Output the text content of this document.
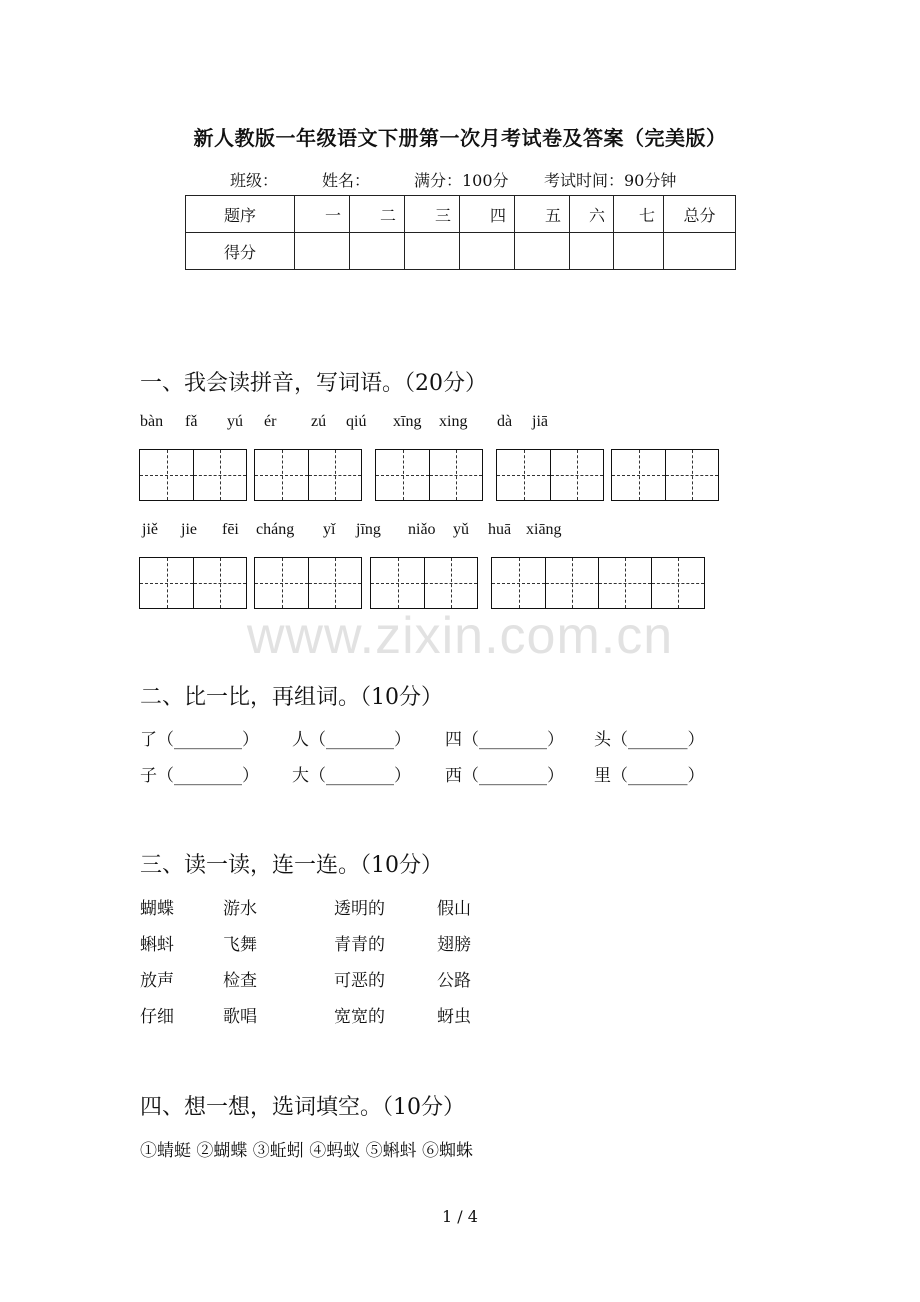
新人教版一年级语文下册第一次月考试卷及答案（完美版）
班级：	姓名：	满分：100分 考试时间：90分钟
题序	一	二	三	四	五	六	七	总分
得分								
一、我会读拼音，写词语。（20分）
bàn fǎ yú ér zú qiú xīng xing dà jiā
jiě jie fēi cháng yǐ jīng niǎo yǔ huā xiāng
www.zixin.com.cn
二、比一比，再组词。（10分）
了（________） 人（________） 四（________） 头（_______）
子（________） 大（________） 西（________） 里（_______）
三、读一读，连一连。（10分）
蝴蝶	游水	透明的	假山
蝌蚪	飞舞	青青的	翅膀
放声	检查	可恶的	公路
仔细	歌唱	宽宽的	蚜虫
四、想一想，选词填空。（10分）
①蜻蜓 ②蝴蝶 ③蚯蚓 ④蚂蚁 ⑤蝌蚪 ⑥蜘蛛
1 / 4
